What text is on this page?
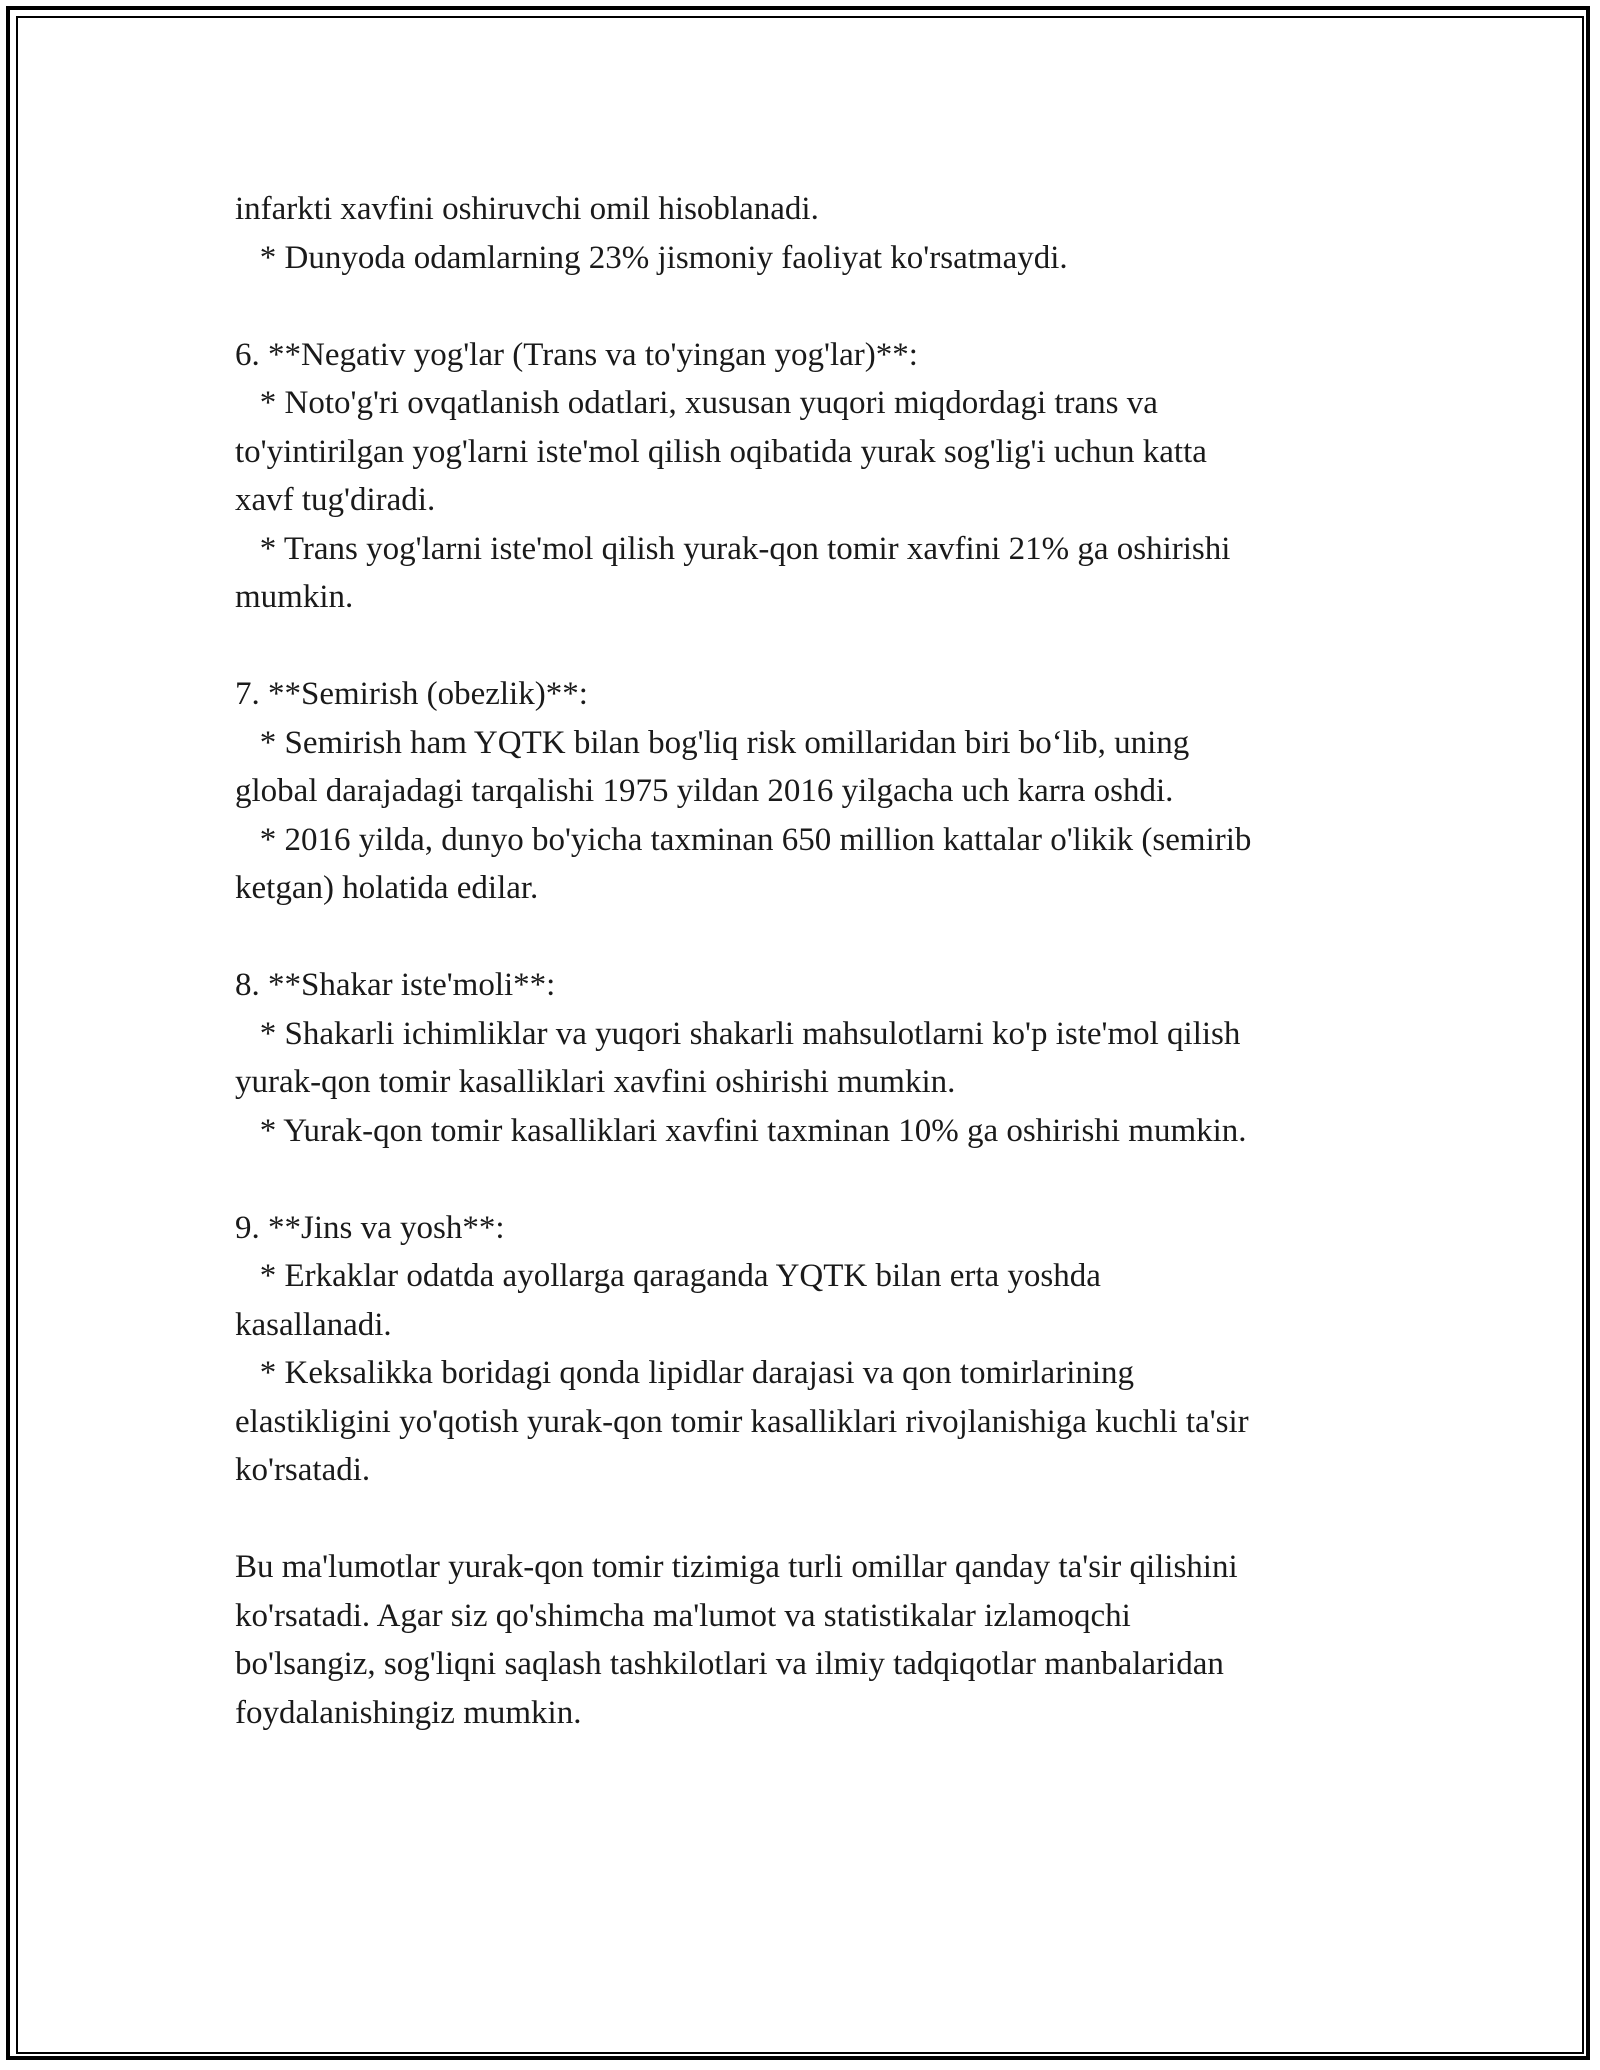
infarkti xavfini oshiruvchi omil hisoblanadi.
* Dunyoda odamlarning 23% jismoniy faoliyat ko'rsatmaydi.
6. **Negativ yog'lar (Trans va to'yingan yog'lar)**:
* Noto'g'ri ovqatlanish odatlari, xususan yuqori miqdordagi trans va
to'yintirilgan yog'larni iste'mol qilish oqibatida yurak sog'lig'i uchun katta
xavf tug'diradi.
* Trans yog'larni iste'mol qilish yurak-qon tomir xavfini 21% ga oshirishi
mumkin.
7. **Semirish (obezlik)**:
* Semirish ham YQTK bilan bog'liq risk omillaridan biri bo‘lib, uning
global darajadagi tarqalishi 1975 yildan 2016 yilgacha uch karra oshdi.
* 2016 yilda, dunyo bo'yicha taxminan 650 million kattalar o'likik (semirib
ketgan) holatida edilar.
8. **Shakar iste'moli**:
* Shakarli ichimliklar va yuqori shakarli mahsulotlarni ko'p iste'mol qilish
yurak-qon tomir kasalliklari xavfini oshirishi mumkin.
* Yurak-qon tomir kasalliklari xavfini taxminan 10% ga oshirishi mumkin.
9. **Jins va yosh**:
* Erkaklar odatda ayollarga qaraganda YQTK bilan erta yoshda
kasallanadi.
* Keksalikka boridagi qonda lipidlar darajasi va qon tomirlarining
elastikligini yo'qotish yurak-qon tomir kasalliklari rivojlanishiga kuchli ta'sir
ko'rsatadi.
Bu ma'lumotlar yurak-qon tomir tizimiga turli omillar qanday ta'sir qilishini
ko'rsatadi. Agar siz qo'shimcha ma'lumot va statistikalar izlamoqchi
bo'lsangiz, sog'liqni saqlash tashkilotlari va ilmiy tadqiqotlar manbalaridan
foydalanishingiz mumkin.
